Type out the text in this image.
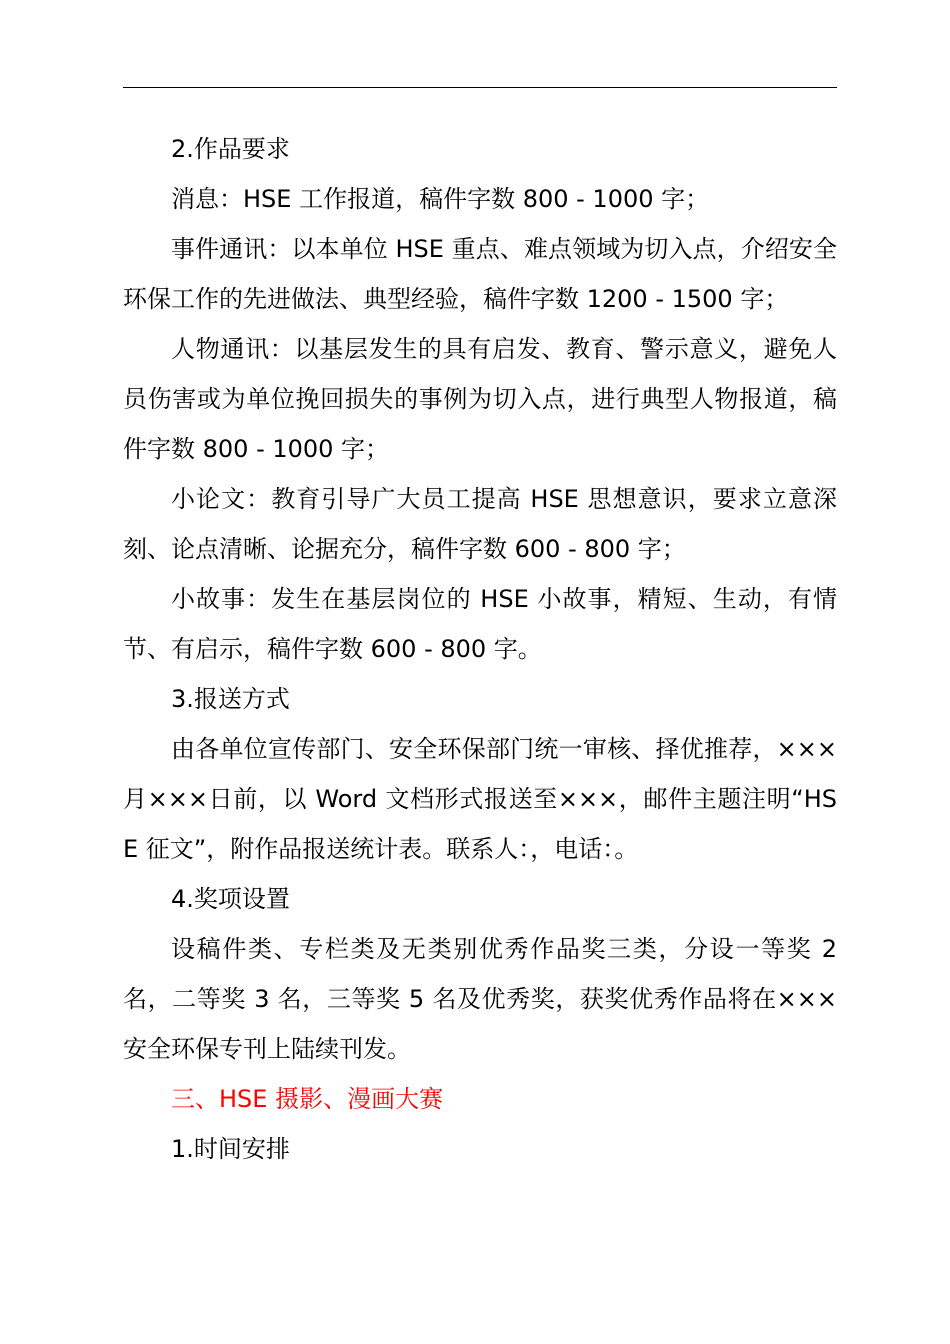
2.作品要求

消息：HSE 工作报道，稿件字数 800 - 1000 字；

事件通讯：以本单位 HSE 重点、难点领域为切入点，介绍安全环保工作的先进做法、典型经验，稿件字数 1200 - 1500 字；

人物通讯：以基层发生的具有启发、教育、警示意义，避免人员伤害或为单位挽回损失的事例为切入点，进行典型人物报道，稿件字数 800 - 1000 字；

小论文：教育引导广大员工提高 HSE 思想意识，要求立意深刻、论点清晰、论据充分，稿件字数 600 - 800 字；

小故事：发生在基层岗位的 HSE 小故事，精短、生动，有情节、有启示，稿件字数 600 - 800 字。

3.报送方式

由各单位宣传部门、安全环保部门统一审核、择优推荐，×××月×××日前，以 Word 文档形式报送至×××，邮件主题注明“HSE 征文”，附作品报送统计表。联系人：，电话：。

4.奖项设置

设稿件类、专栏类及无类别优秀作品奖三类，分设一等奖 2 名，二等奖 3 名，三等奖 5 名及优秀奖，获奖优秀作品将在×××安全环保专刊上陆续刊发。

三、HSE 摄影、漫画大赛

1.时间安排
